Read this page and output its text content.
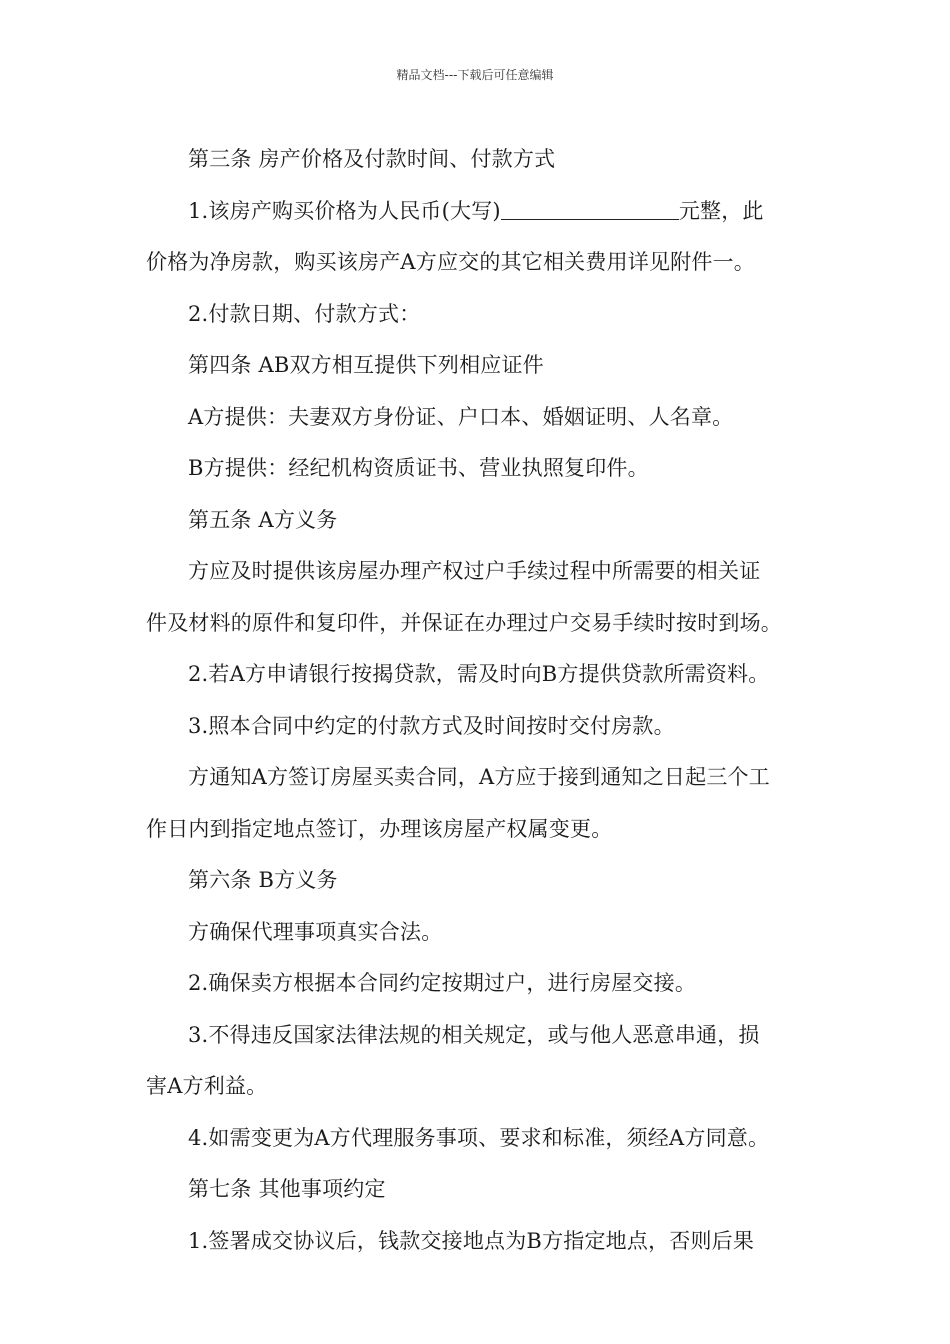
精品文档---下载后可任意编辑

第三条 房产价格及付款时间、付款方式

1.该房产购买价格为人民币(大写)	元整，此

价格为净房款，购买该房产A方应交的其它相关费用详见附件一。

2.付款日期、付款方式：

第四条 AB双方相互提供下列相应证件

A方提供：夫妻双方身份证、户口本、婚姻证明、人名章。

B方提供：经纪机构资质证书、营业执照复印件。

第五条 A方义务

方应及时提供该房屋办理产权过户手续过程中所需要的相关证

件及材料的原件和复印件，并保证在办理过户交易手续时按时到场。

2.若A方申请银行按揭贷款，需及时向B方提供贷款所需资料。

3.照本合同中约定的付款方式及时间按时交付房款。

方通知A方签订房屋买卖合同，A方应于接到通知之日起三个工

作日内到指定地点签订，办理该房屋产权属变更。

第六条 B方义务

方确保代理事项真实合法。

2.确保卖方根据本合同约定按期过户，进行房屋交接。

3.不得违反国家法律法规的相关规定，或与他人恶意串通，损

害A方利益。

4.如需变更为A方代理服务事项、要求和标准，须经A方同意。

第七条 其他事项约定

1.签署成交协议后，钱款交接地点为B方指定地点，否则后果
